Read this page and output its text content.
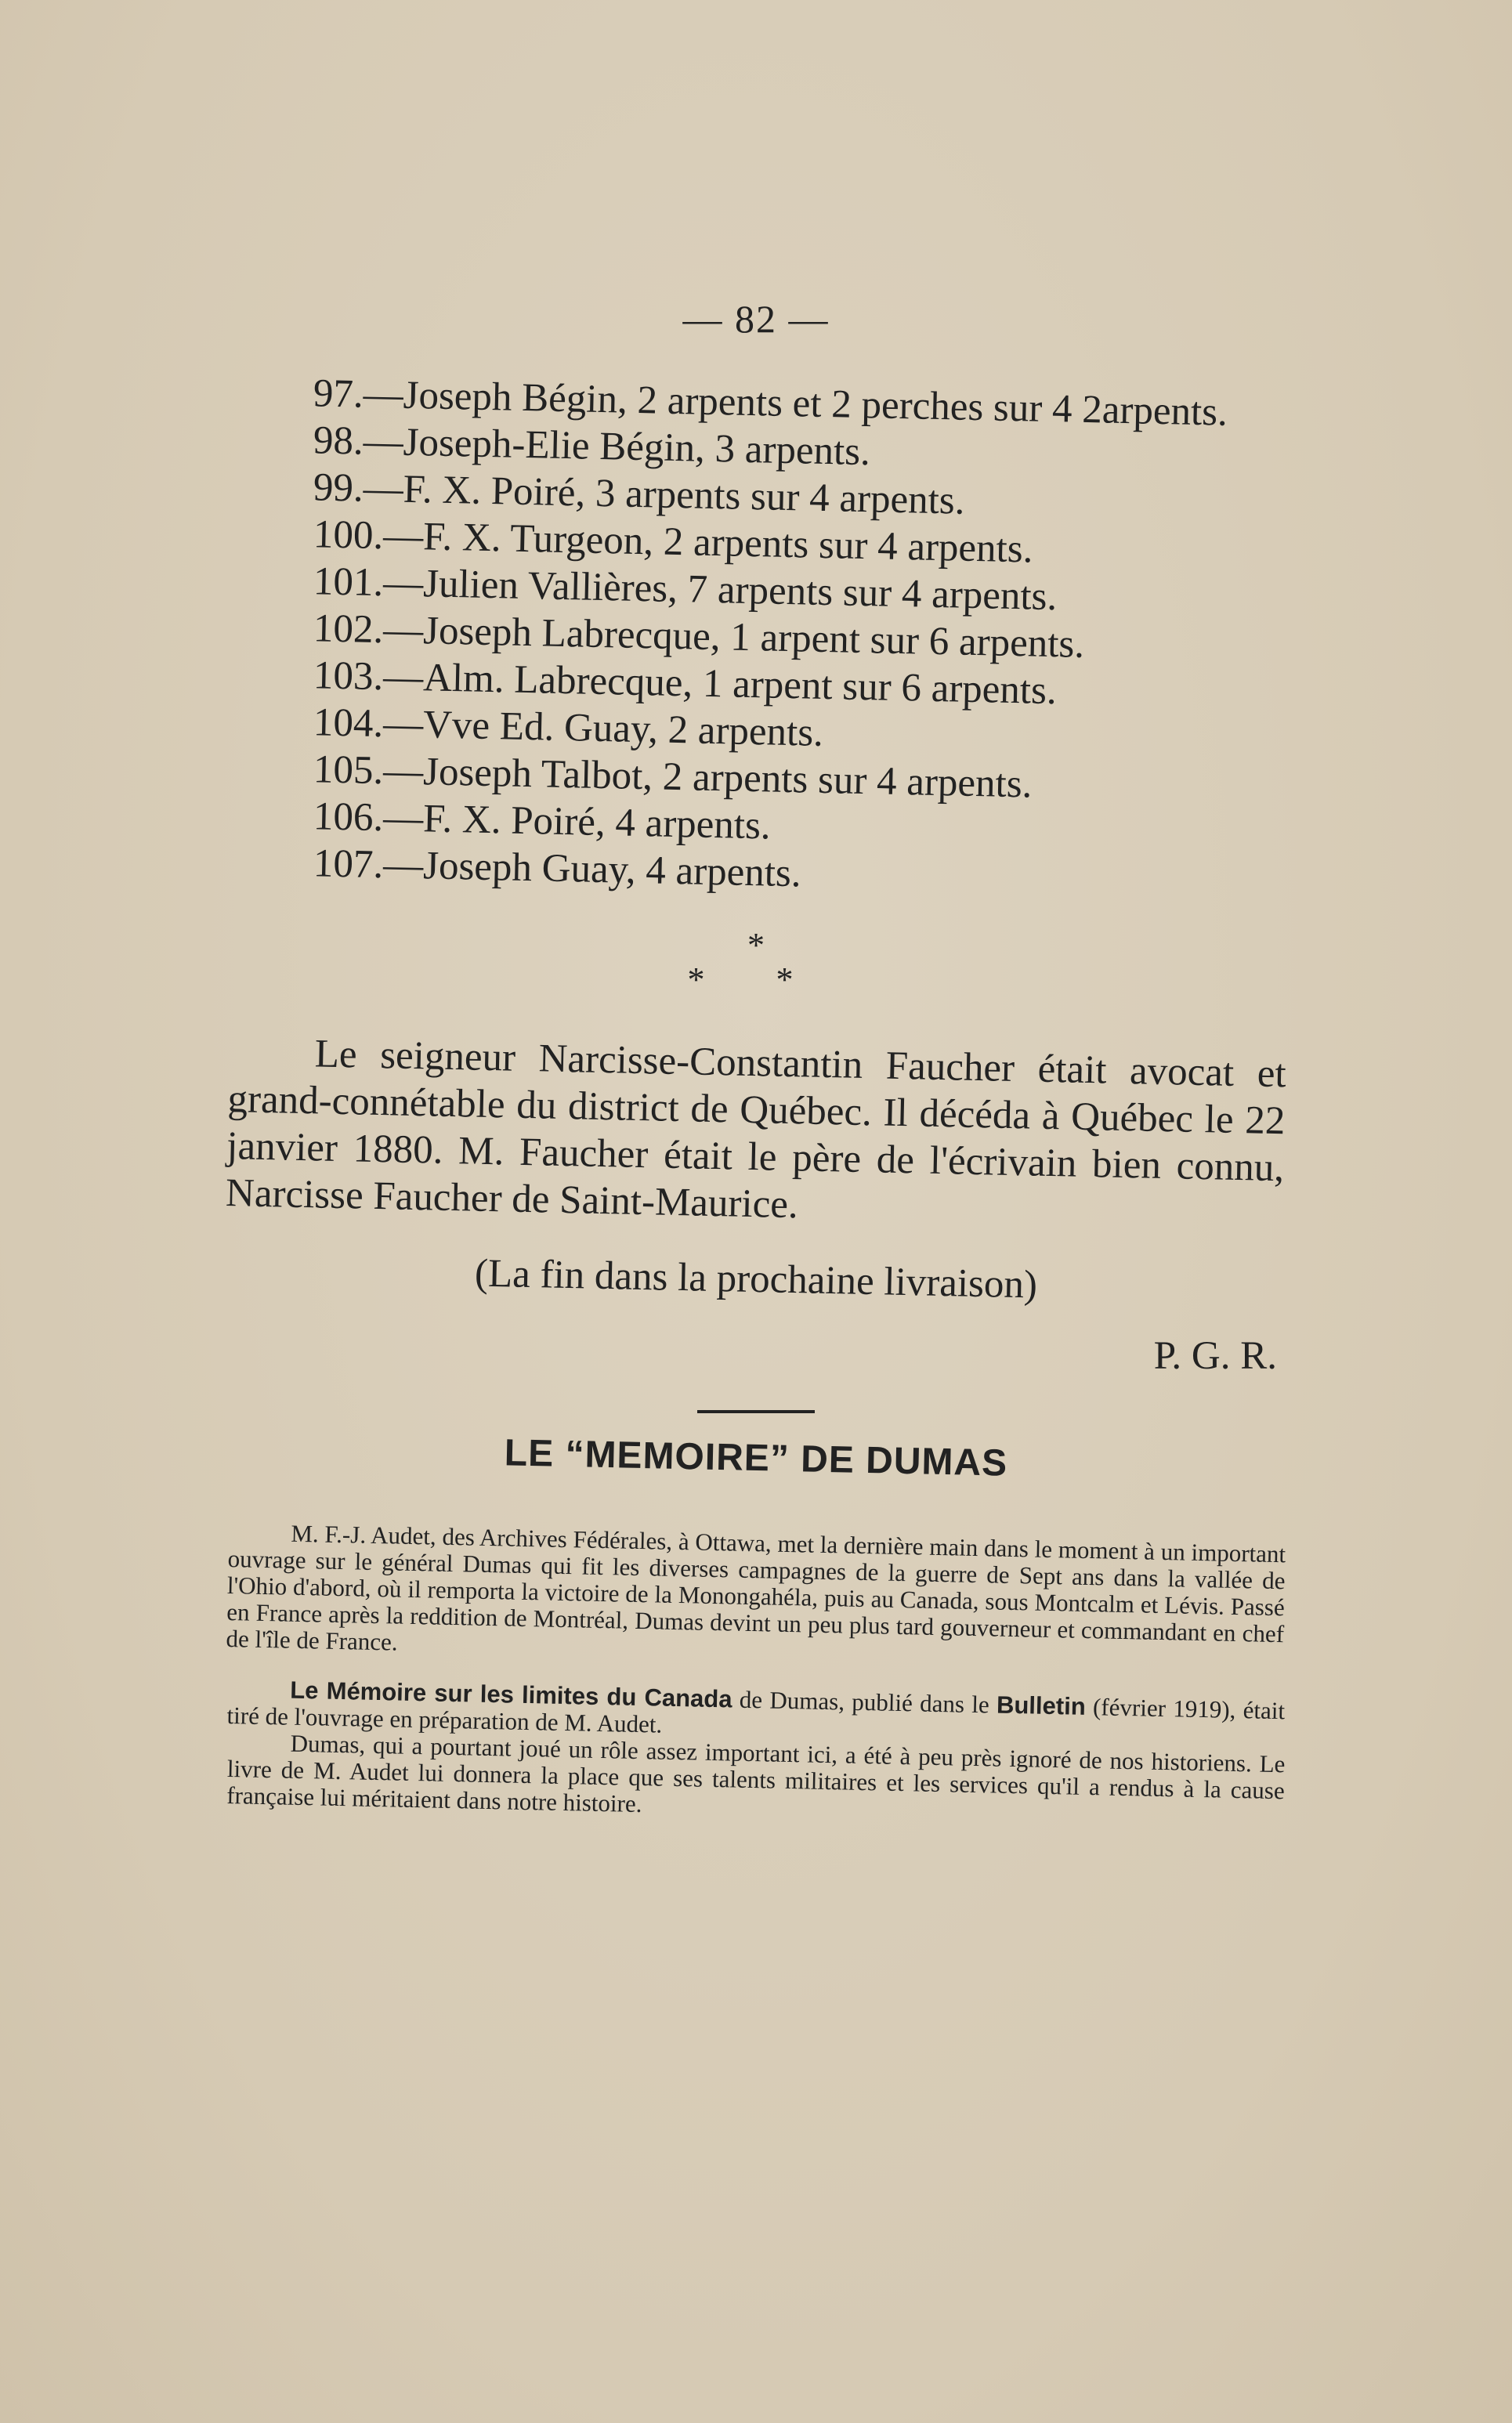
— 82 —

97.—Joseph Bégin, 2 arpents et 2 perches sur 4 2arpents.

98.—Joseph-Elie Bégin, 3 arpents.

99.—F. X. Poiré, 3 arpents sur 4 arpents.

100.—F. X. Turgeon, 2 arpents sur 4 arpents.

101.—Julien Vallières, 7 arpents sur 4 arpents.

102.—Joseph Labrecque, 1 arpent sur 6 arpents.

103.—Alm. Labrecque, 1 arpent sur 6 arpents.

104.—Vve Ed. Guay, 2 arpents.

105.—Joseph Talbot, 2 arpents sur 4 arpents.

106.—F. X. Poiré, 4 arpents.

107.—Joseph Guay, 4 arpents.

*
* *

Le seigneur Narcisse-Constantin Faucher était avocat et grand-connétable du district de Québec. Il décéda à Québec le 22 janvier 1880. M. Faucher était le père de l'écrivain bien connu, Narcisse Faucher de Saint-Maurice.

(La fin dans la prochaine livraison)
P. G. R.
LE “MEMOIRE” DE DUMAS

M. F.-J. Audet, des Archives Fédérales, à Ottawa, met la dernière main dans le moment à un important ouvrage sur le général Dumas qui fit les diverses campagnes de la guerre de Sept ans dans la vallée de l'Ohio d'abord, où il remporta la victoire de la Monongahéla, puis au Canada, sous Montcalm et Lévis. Passé en France après la reddition de Montréal, Dumas devint un peu plus tard gouverneur et commandant en chef de l'île de France.

Le Mémoire sur les limites du Canada de Dumas, publié dans le Bulletin (février 1919), était tiré de l'ouvrage en préparation de M. Audet.

Dumas, qui a pourtant joué un rôle assez important ici, a été à peu près ignoré de nos historiens. Le livre de M. Audet lui donnera la place que ses talents militaires et les services qu'il a rendus à la cause française lui méritaient dans notre histoire.
